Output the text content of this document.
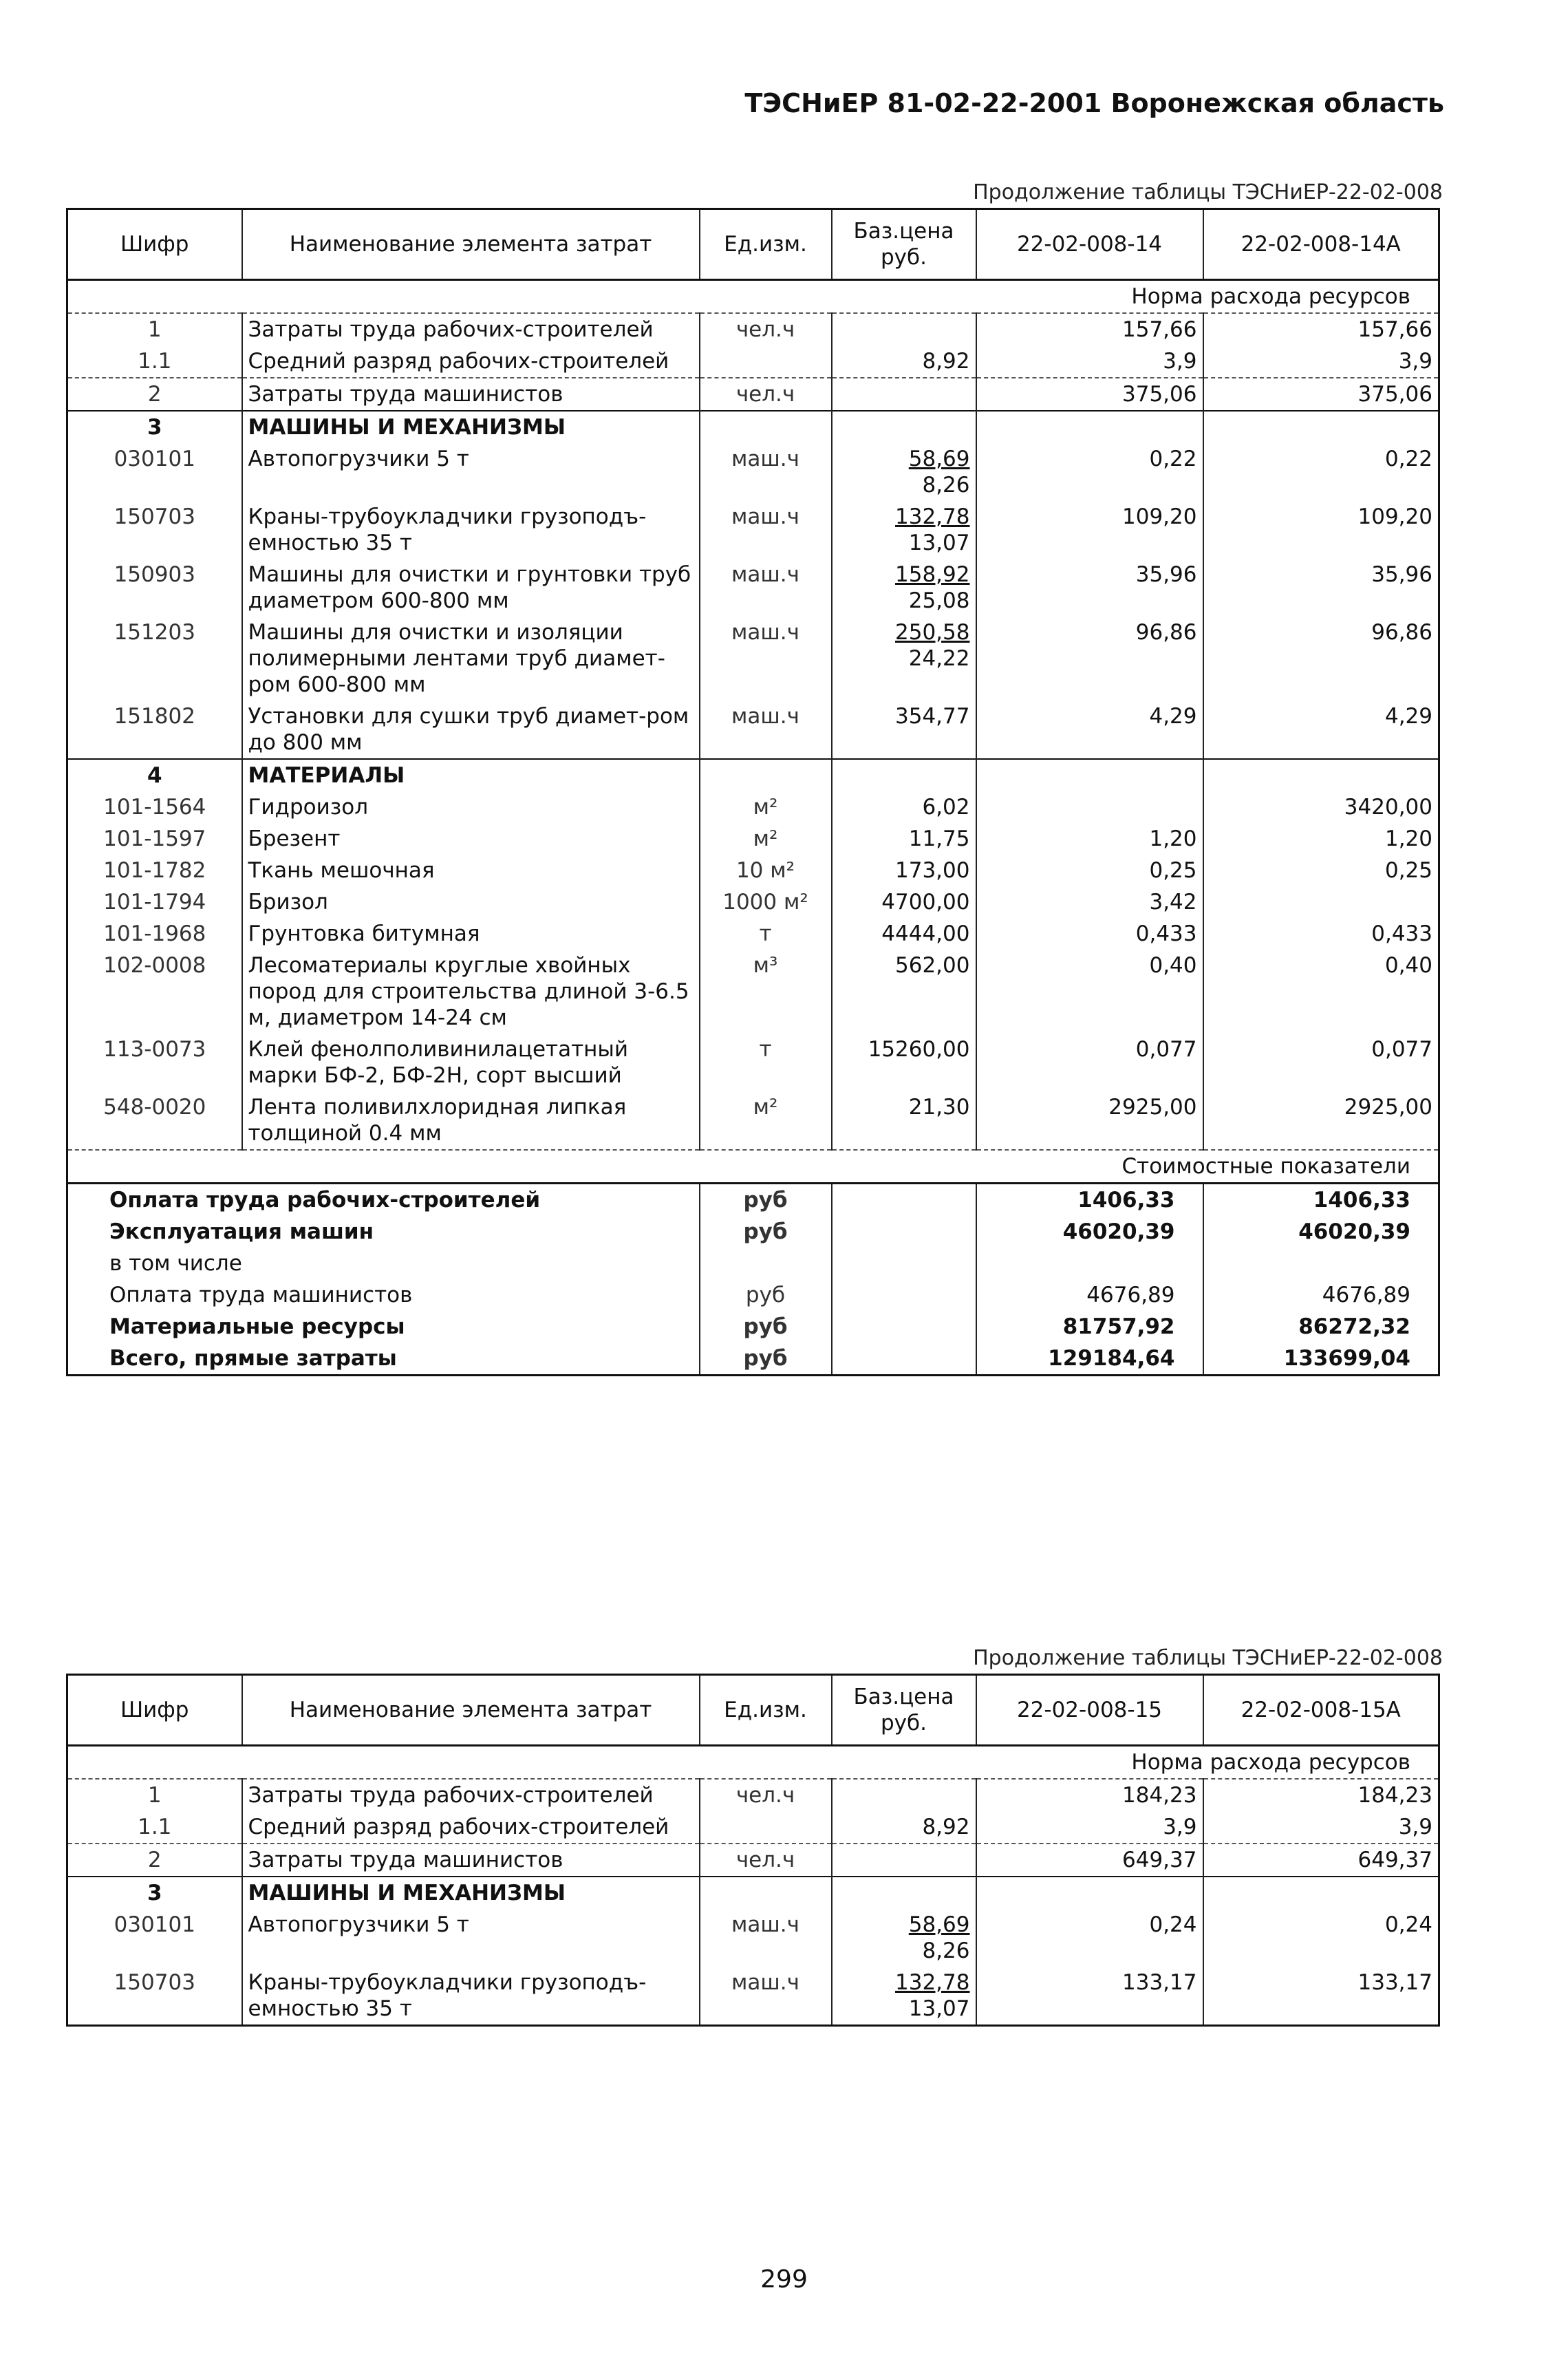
ТЭСНиЕР 81-02-22-2001 Воронежская область
Продолжение таблицы ТЭСНиЕР-22-02-008
Шифр	Наименование элемента затрат	Ед.изм.	Баз.цена руб.	22-02-008-14	22-02-008-14А
Норма расхода ресурсов					
1	Затраты труда рабочих-строителей	чел.ч		157,66	157,66
1.1	Средний разряд рабочих-строителей		8,92	3,9	3,9
2	Затраты труда машинистов	чел.ч		375,06	375,06
3	МАШИНЫ И МЕХАНИЗМЫ				
030101	Автопогрузчики 5 т	маш.ч	$\frac{58,69}{8,26}$	0,22	0,22
150703	Краны-трубоукладчики грузоподъ-емностью 35 т	маш.ч	$\frac{132,78}{13,07}$	109,20	109,20
150903	Машины для очистки и грунтовки труб диаметром 600-800 мм	маш.ч	$\frac{158,92}{25,08}$	35,96	35,96
151203	Машины для очистки и изоляции полимерными лентами труб диамет-ром 600-800 мм	маш.ч	$\frac{250,58}{24,22}$	96,86	96,86
151802	Установки для сушки труб диамет-ром до 800 мм	маш.ч	354,77	4,29	4,29
4	МАТЕРИАЛЫ				
101-1564	Гидроизол	м²	6,02		3420,00
101-1597	Брезент	м²	11,75	1,20	1,20
101-1782	Ткань мешочная	10 м²	173,00	0,25	0,25
101-1794	Бризол	1000 м²	4700,00	3,42	
101-1968	Грунтовка битумная	т	4444,00	0,433	0,433
102-0008	Лесоматериалы круглые хвойных пород для строительства длиной 3-6.5 м, диаметром 14-24 см	м³	562,00	0,40	0,40
113-0073	Клей фенолполивинилацетатный марки БФ-2, БФ-2Н, сорт высший	т	15260,00	0,077	0,077
548-0020	Лента поливилхлоридная липкая толщиной 0.4 мм	м²	21,30	2925,00	2925,00
Стоимостные показатели					
Оплата труда рабочих-строителей		руб		1406,33	1406,33
Эксплуатация машин		руб		46020,39	46020,39
в том числе					
Оплата труда машинистов		руб		4676,89	4676,89
Материальные ресурсы		руб		81757,92	86272,32
Всего, прямые затраты		руб		129184,64	133699,04
Продолжение таблицы ТЭСНиЕР-22-02-008
Шифр	Наименование элемента затрат	Ед.изм.	Баз.цена руб.	22-02-008-15	22-02-008-15А
Норма расхода ресурсов					
1	Затраты труда рабочих-строителей	чел.ч		184,23	184,23
1.1	Средний разряд рабочих-строителей		8,92	3,9	3,9
2	Затраты труда машинистов	чел.ч		649,37	649,37
3	МАШИНЫ И МЕХАНИЗМЫ				
030101	Автопогрузчики 5 т	маш.ч	$\frac{58,69}{8,26}$	0,24	0,24
150703	Краны-трубоукладчики грузоподъ-емностью 35 т	маш.ч	$\frac{132,78}{13,07}$	133,17	133,17
299
